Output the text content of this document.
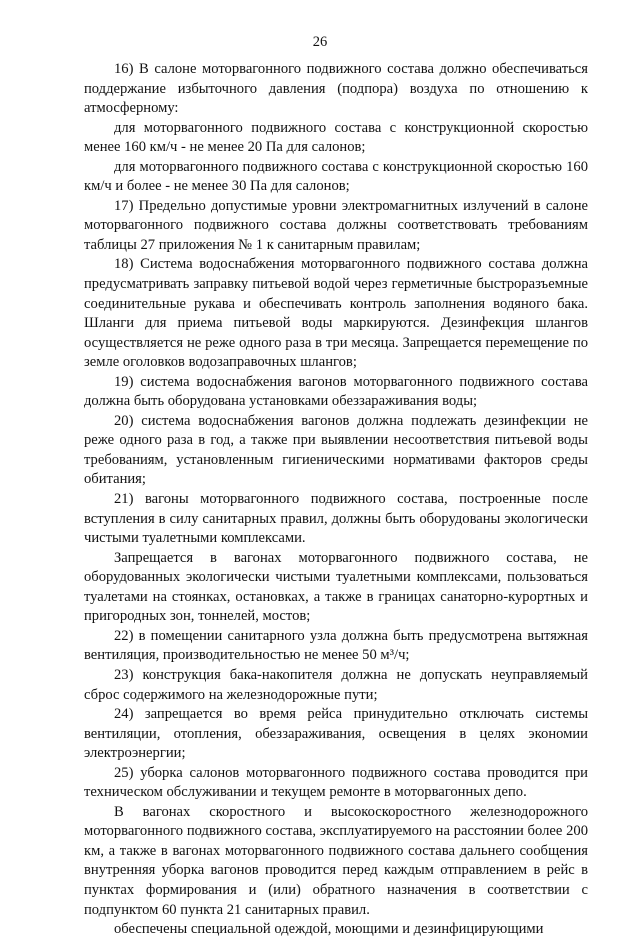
26

16) В салоне моторвагонного подвижного состава должно обеспечиваться поддержание избыточного давления (подпора) воздуха по отношению к атмосферному:

для моторвагонного подвижного состава с конструкционной скоростью менее 160 км/ч - не менее 20 Па для салонов;

для моторвагонного подвижного состава с конструкционной скоростью 160 км/ч и более - не менее 30 Па для салонов;

17) Предельно допустимые уровни электромагнитных излучений в салоне моторвагонного подвижного состава должны соответствовать требованиям таблицы 27 приложения № 1 к санитарным правилам;

18) Система водоснабжения моторвагонного подвижного состава должна предусматривать заправку питьевой водой через герметичные быстроразъемные соединительные рукава и обеспечивать контроль заполнения водяного бака. Шланги для приема питьевой воды маркируются. Дезинфекция шлангов осуществляется не реже одного раза в три месяца. Запрещается перемещение по земле оголовков водозаправочных шлангов;

19) система водоснабжения вагонов моторвагонного подвижного состава должна быть оборудована установками обеззараживания воды;

20) система водоснабжения вагонов должна подлежать дезинфекции не реже одного раза в год, а также при выявлении несоответствия питьевой воды требованиям, установленным гигиеническими нормативами факторов среды обитания;

21) вагоны моторвагонного подвижного состава, построенные после вступления в силу санитарных правил, должны быть оборудованы экологически чистыми туалетными комплексами.

Запрещается в вагонах моторвагонного подвижного состава, не оборудованных экологически чистыми туалетными комплексами, пользоваться туалетами на стоянках, остановках, а также в границах санаторно-курортных и пригородных зон, тоннелей, мостов;

22) в помещении санитарного узла должна быть предусмотрена вытяжная вентиляция, производительностью не менее 50 м³/ч;

23) конструкция бака-накопителя должна не допускать неуправляемый сброс содержимого на железнодорожные пути;

24) запрещается во время рейса принудительно отключать системы вентиляции, отопления, обеззараживания, освещения в целях экономии электроэнергии;

25) уборка салонов моторвагонного подвижного состава проводится при техническом обслуживании и текущем ремонте в моторвагонных депо.

В вагонах скоростного и высокоскоростного железнодорожного моторвагонного подвижного состава, эксплуатируемого на расстоянии более 200 км, а также в вагонах моторвагонного подвижного состава дальнего сообщения внутренняя уборка вагонов проводится перед каждым отправлением в рейс в пунктах формирования и (или) обратного назначения в соответствии с подпунктом 60 пункта 21 санитарных правил.

обеспечены специальной одеждой, моющими и дезинфицирующими
